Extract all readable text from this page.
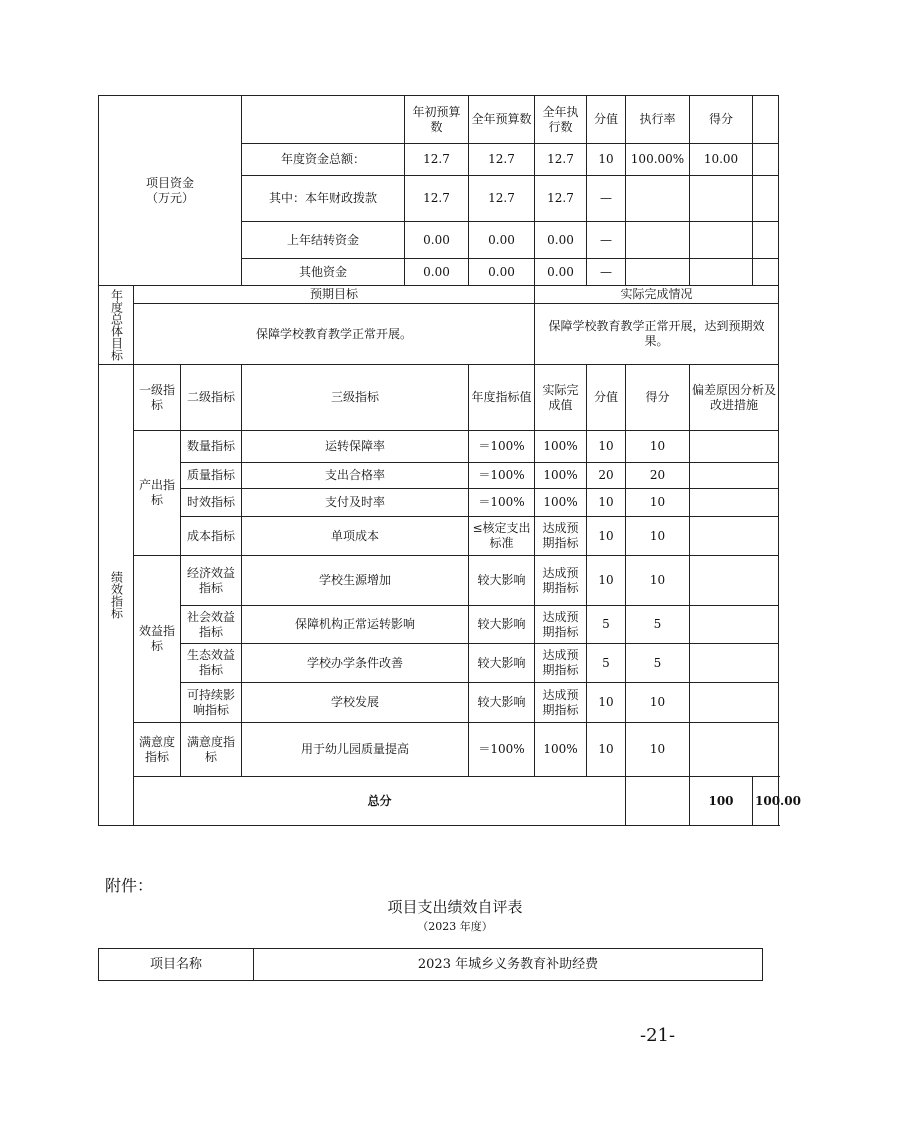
项目资金
（万元）				年初预算数	全年预算数	全年执行数	分值	执行率	得分		
			年度资金总额：	12.7	12.7	12.7	10	100.00%	10.00		
			其中：本年财政拨款	12.7	12.7	12.7	—				
			上年结转资金	0.00	0.00	0.00	—				
			其他资金	0.00	0.00	0.00	—				
年度总体目标	预期目标					实际完成情况					
	保障学校教育教学正常开展。					保障学校教育教学正常开展，达到预期效果。					
绩效指标	一级指标	二级指标	三级指标		年度指标值	实际完成值	分值	得分	偏差原因分析及改进措施		
	产出指标	数量指标	运转保障率		＝100%	100%	10	10			
		质量指标	支出合格率		＝100%	100%	20	20			
		时效指标	支付及时率		＝100%	100%	10	10			
		成本指标	单项成本		≤核定支出标准	达成预期指标	10	10			
	效益指标	经济效益指标	学校生源增加		较大影响	达成预期指标	10	10			
		社会效益指标	保障机构正常运转影响		较大影响	达成预期指标	5	5			
		生态效益指标	学校办学条件改善		较大影响	达成预期指标	5	5			
		可持续影响指标	学校发展		较大影响	达成预期指标	10	10			
	满意度指标	满意度指标	用于幼儿园质量提高		＝100%	100%	10	10			
	总分								100	100.00	
附件：
项目支出绩效自评表
（2023 年度）
项目名称	2023 年城乡义务教育补助经费
-21-
